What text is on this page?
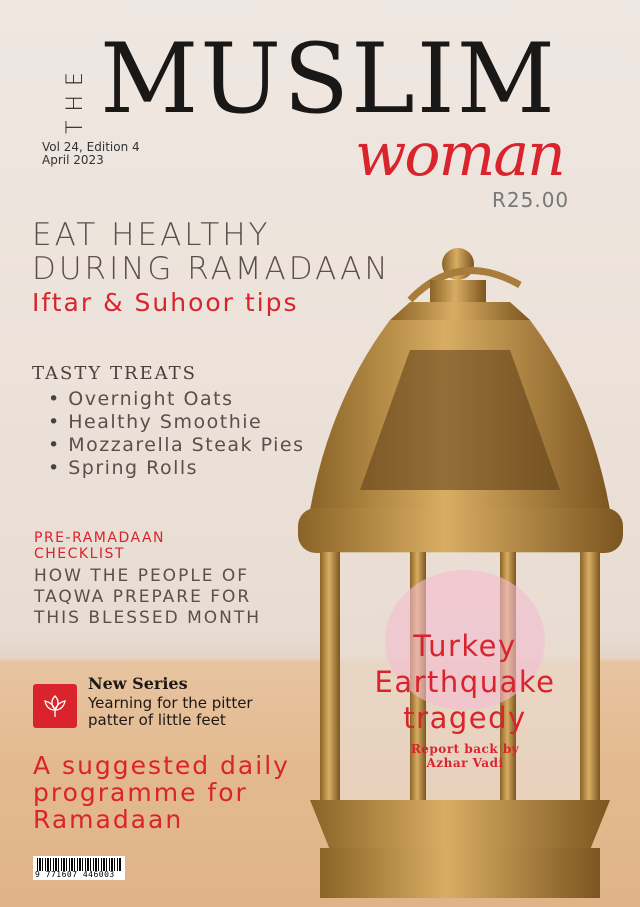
THE MUSLIM
woman
Vol 24, Edition 4
April 2023
R25.00
EAT HEALTHY
DURING RAMADAAN
Iftar & Suhoor tips
TASTY TREATS
• Overnight Oats
• Healthy Smoothie
• Mozzarella Steak Pies
• Spring Rolls
PRE-RAMADAAN
CHECKLIST
HOW THE PEOPLE OF
TAQWA PREPARE FOR
THIS BLESSED MONTH
New Series
Yearning for the pitter
patter of little feet
A suggested daily
programme for
Ramadaan
9 771607 446003
Turkey
Earthquake
tragedy
Report back by
Azhar Vadi
